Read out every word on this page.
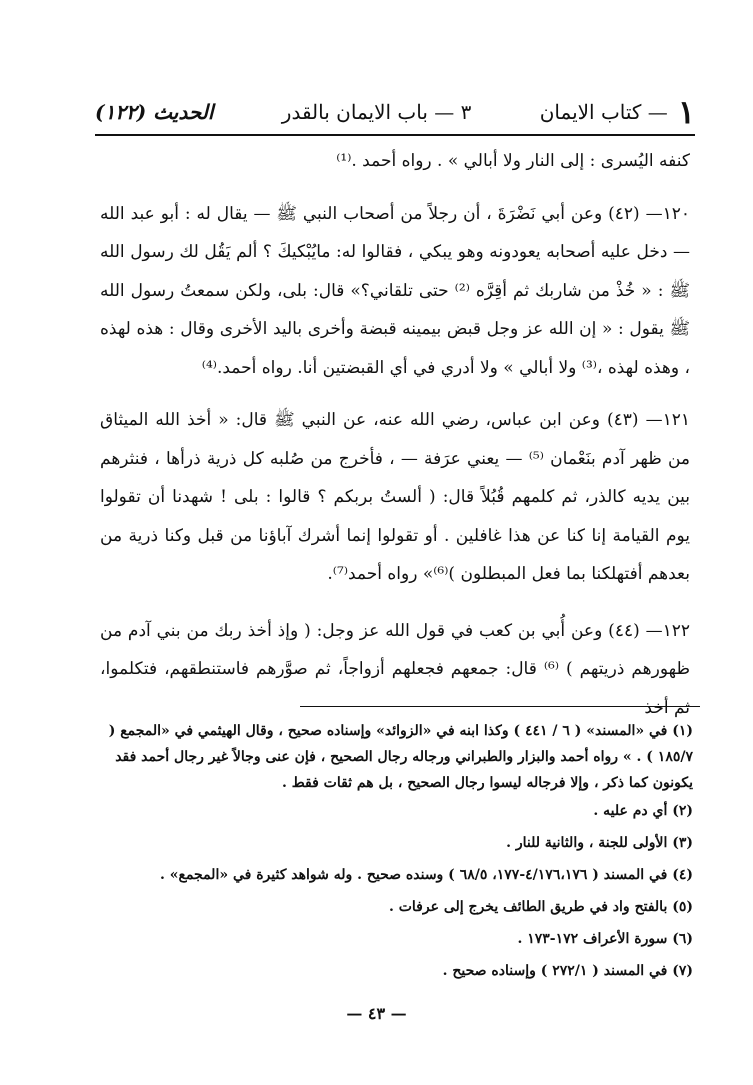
١
— كتاب الايمان
٣ — باب الايمان بالقدر
الحديث (١٢٢)

كنفه اليُسرى : إلى النار ولا أبالي » . رواه أحمد .⁽¹⁾

١٢٠— (٤٢) وعن أبي نَضْرَةَ ، أن رجلاً من أصحاب النبي ﷺ — يقال له : أبو عبد الله — دخل عليه أصحابه يعودونه وهو يبكي ، فقالوا له: مايُبْكيكَ ؟ ألم يَقُل لك رسول الله ﷺ : « خُذْ من شاربك ثم أقِرَّه ⁽²⁾ حتى تلقاني؟» قال: بلى، ولكن سمعتُ رسول الله ﷺ يقول : « إن الله عز وجل قبض بيمينه قبضة وأخرى باليد الأخرى وقال : هذه لهذه ، وهذه لهذه ،⁽³⁾ ولا أبالي » ولا أدري في أي القبضتين أنا. رواه أحمد.⁽⁴⁾

١٢١— (٤٣) وعن ابن عباس، رضي الله عنه، عن النبي ﷺ قال: « أخذ الله الميثاق من ظهر آدم بنَعْمان ⁽⁵⁾ — يعني عرَفة — ، فأخرج من صُلبه كل ذرية ذرأها ، فنثرهم بين يديه كالذر، ثم كلمهم قُبُلاً قال: ( ألستُ بربكم ؟ قالوا : بلى ! شهدنا أن تقولوا يوم القيامة إنا كنا عن هذا غافلين . أو تقولوا إنما أشرك آباؤنا من قبل وكنا ذرية من بعدهم أفتهلكنا بما فعل المبطلون )⁽⁶⁾» رواه أحمد⁽⁷⁾.

١٢٢— (٤٤) وعن أُبي بن كعب في قول الله عز وجل: ( وإذ أخذ ربك من بني آدم من ظهورهم ذريتهم ) ⁽⁶⁾ قال: جمعهم فجعلهم أزواجاً، ثم صوَّرهم فاستنطقهم، فتكلموا، ثم أخذ

(١) في «المسند» ( ٦ / ٤٤١ ) وكذا ابنه في «الزوائد» وإسناده صحيح ، وقال الهيثمي في «المجمع ( ١٨٥/٧ ) . » رواه أحمد والبزار والطبراني ورجاله رجال الصحيح ، فإن عنى وجالاً غير رجال أحمد فقد يكونون كما ذكر ، وإلا فرجاله ليسوا رجال الصحيح ، بل هم ثقات فقط .

(٢) أي دم عليه .

(٣) الأولى للجنة ، والثانية للنار .

(٤) في المسند ( ٤/١٧٦،١٧٦-١٧٧، ٦٨/٥ ) وسنده صحيح . وله شواهد كثيرة في «المجمع» .

(٥) بالفتح واد في طريق الطائف يخرج إلى عرفات .

(٦) سورة الأعراف ١٧٢-١٧٣ .

(٧) في المسند ( ٢٧٢/١ ) وإسناده صحيح .

— ٤٣ —
